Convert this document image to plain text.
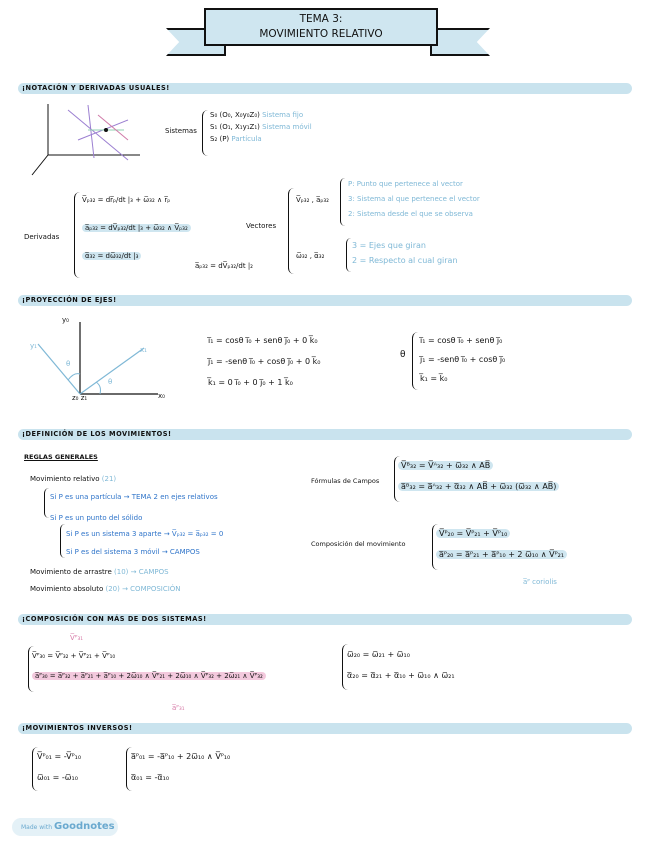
TEMA 3:
MOVIMIENTO RELATIVO
¡NOTACIÓN Y DERIVADAS USUALES!
Sistemas
S₀ (O₀, X₀y₀Z₀) Sistema fijo
S₁ (O₁, X₁y₁Z₁) Sistema móvil
S₂ (P) Partícula
Derivadas
V̅ₚ₃₂ = dr̅ₚ/dt |₃ + ω̅₃₂ ∧ r̅ₚ
a̅ₚ₃₂ = dV̅ₚ₃₂/dt |₃ + ω̅₃₂ ∧ V̅ₚ₃₂
α̅₃₂ = dω̅₃₂/dt |₃
a̅ₚ₃₂ = dV̅ₚ₃₂/dt |₂
Vectores
V̅ₚ₃₂ , a̅ₚ₃₂
P: Punto que pertenece al vector
3: Sistema al que pertenece el vector
2: Sistema desde el que se observa
ω̅₃₂ , α̅₃₂
3 = Ejes que giran
2 = Respecto al cual giran
¡PROYECCIÓN DE EJES!
y₀
x₀
y₁	x₁
z₀ z₁
θ
θ
i̅₁ = cosθ i̅₀ + senθ j̅₀ + 0 k̅₀
j̅₁ = -senθ i̅₀ + cosθ j̅₀ + 0 k̅₀
k̅₁ = 0 i̅₀ + 0 j̅₀ + 1 k̅₀
θ
i̅₁ = cosθ i̅₀ + senθ j̅₀
j̅₁ = -senθ i̅₀ + cosθ j̅₀
k̅₁ = k̅₀
¡DEFINICIÓN DE LOS MOVIMIENTOS!
REGLAS GENERALES
Movimiento relativo (21)
Si P es una partícula → TEMA 2 en ejes relativos
Si P es un punto del sólido
Si P es un sistema 3 aparte → V̅ₚ₃₂ = a̅ₚ₃₂ = 0
Si P es del sistema 3 móvil → CAMPOS
Movimiento de arrastre (10) → CAMPOS
Movimiento absoluto (20) → COMPOSICIÓN
Fórmulas de Campos
V̅ᴮ₃₂ = V̅ᴬ₃₂ + ω̅₃₂ ∧ AB̅
a̅ᴮ₃₂ = a̅ᴬ₃₂ + α̅₃₂ ∧ AB̅ + ω̅₃₂ (ω̅₃₂ ∧ AB̅)
Composición del movimiento
V̅ᴾ₂₀ = V̅ᴾ₂₁ + V̅ᴾ₁₀
a̅ᴾ₂₀ = a̅ᴾ₂₁ + a̅ᴾ₁₀ + 2 ω̅₁₀ ∧ V̅ᴾ₂₁
a̅ᴾ coriolis
¡COMPOSICIÓN CON MÁS DE DOS SISTEMAS!
V̅ᴾ₃₁
V̅ᴾ₃₀ = V̅ᴾ₃₂ + V̅ᴾ₂₁ + V̅ᴾ₁₀
a̅ᴾ₃₀ = a̅ᴾ₃₂ + a̅ᴾ₂₁ + a̅ᴾ₁₀ + 2ω̅₁₀ ∧ V̅ᴾ₂₁ + 2ω̅₁₀ ∧ V̅ᴾ₃₂ + 2ω̅₂₁ ∧ V̅ᴾ₃₂
a̅ᴾ₃₁
ω̅₂₀ = ω̅₂₁ + ω̅₁₀
α̅₂₀ = α̅₂₁ + α̅₁₀ + ω̅₁₀ ∧ ω̅₂₁
¡MOVIMIENTOS INVERSOS!
V̅ᴾ₀₁ = -V̅ᴾ₁₀
ω̅₀₁ = -ω̅₁₀
a̅ᴾ₀₁ = -a̅ᴾ₁₀ + 2ω̅₁₀ ∧ V̅ᴾ₁₀
α̅₀₁ = -α̅₁₀
Made with Goodnotes
